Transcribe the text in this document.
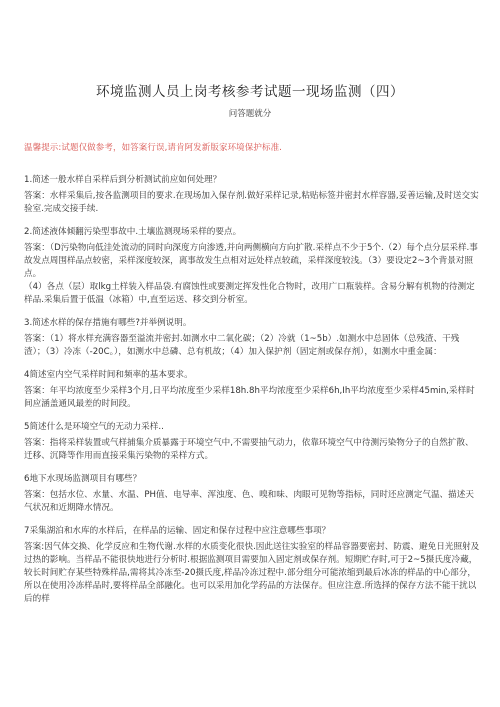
环境监测人员上岗考核参考试题一现场监测（四）
问答题就分
温馨提示:试题仅做参考，如答案行误,请肯阿发新版家环境保护标准.

1.简述一般水样自采样后到分析测试前应如何处理？

答案：水样采集后,按各监测项目的要求.在现场加入保存剂.做好采样记录,粘贴标签并密封水样容器,妥善运输,及时送交实验室.完成交接手续.

2.简述液体倾翻污染型事故中.土壤监测现场采样的要点。

答案：（D污染物向低洼处流动的同时向深度方向渗透,并向两侧横向方向扩散.采样点不少于5个.（2）每个点分层采样.事故发点周围样品点较密，采样深度较深，离事故发生点相对远处样点较疏，采样深度较浅。（3）要设定2~3个背景对照点。

（4）各点（层）取lkg土样装入样品袋.有腐蚀性或要测定挥发性化合物时，改用广口瓶装样。含易分解有机物的待测定样品.采集后置于低温（冰箱）中,直至运送、移交到分析室。

3.简述水样的保存措施有哪些?并举例说明。

答案：（1）将水样充满容器至溢流并密封.如测水中二氧化碳；（2）冷就（1~5b）.如测水中总固体（总残渣、干残渣）；（3）冷冻（-20C。），如测水中总磷、总有机故；（4）加入保护剂（固定剂或保存剂），如测水中重金属：

4简述室内空气采样时间和频率的基本要求。

答案：年平均浓度至少采样3个月,日平均浓度至少采样18h.8h平均浓度至少采样6h,Ih平均浓度至少采样45min,采样时间应涵盖通风最差的时间段。

5简述什么是环境空气的无动力采样..

答案：指将采样装置或气样捕集介质暴露于环境空气中,不需要抽气动力，依靠环境空气中待测污染物分子的自然扩散、迁移、沉降等作用而直接采集污染物的采样方式。

6地下水现场监测项目有哪些？

答案：包括水位、水量、水温、PH值、电导率、浑浊度、色、嗅和味、肉眼可见物等指标，同时还应测定气温、描述天气状况和近期降水情况。

7采集湖泊和水库的水样后，在样品的运输、固定和保存过程中应注意哪些事项？

答案:因气体交换、化学反应和生物代谢.水样的水质变化很快.因此送往实验室的样品容器要密封、防震、避免日光照射及过热的影响。当样品不能很快地进行分析时.根据监测项目需要加入固定剂或保存剂。短期贮存时,可于2~5摄氏度冷藏，较长时间贮存某些特殊样品,需将其冷冻至-20摄氏度,样品冷冻过程中.部分组分可能浓缩到最后冰冻的样品的中心部分，所以在使用冷冻样品时,要将样品全部融化。也可以采用加化学药品的方法保存。但应注意.所选择的保存方法不能干扰以后的样
